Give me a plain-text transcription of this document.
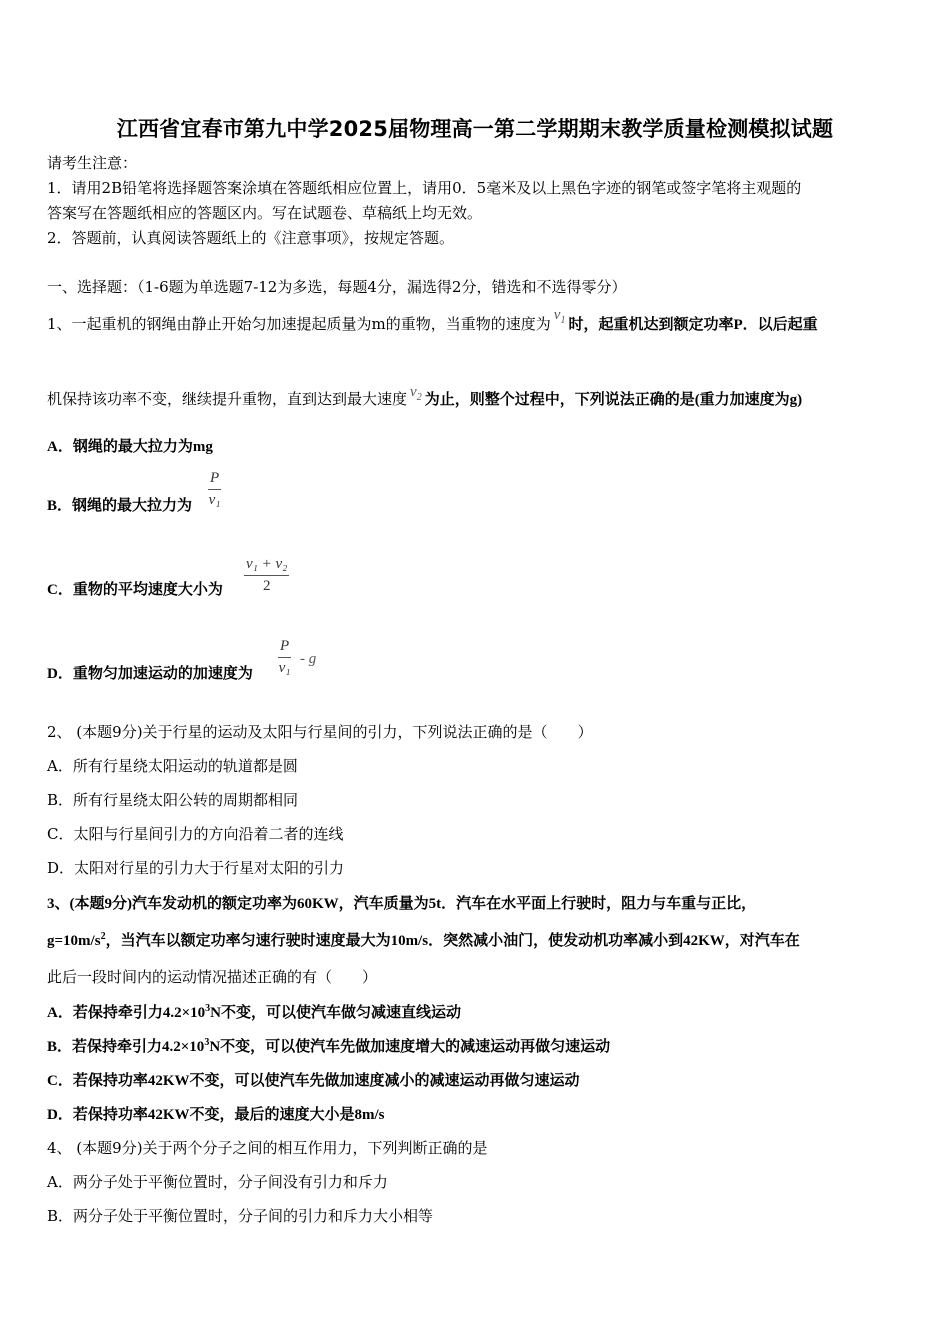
江西省宜春市第九中学2025届物理高一第二学期期末教学质量检测模拟试题
请考生注意：
1．请用2B铅笔将选择题答案涂填在答题纸相应位置上，请用0．5毫米及以上黑色字迹的钢笔或签字笔将主观题的
答案写在答题纸相应的答题区内。写在试题卷、草稿纸上均无效。
2．答题前，认真阅读答题纸上的《注意事项》，按规定答题。
一、选择题：（1-6题为单选题7-12为多选，每题4分，漏选得2分，错选和不选得零分）
1、一起重机的钢绳由静止开始匀加速提起质量为m的重物，当重物的速度为 $v_1$ 时，起重机达到额定功率P．以后起重
机保持该功率不变，继续提升重物，直到达到最大速度 $v_2$ 为止，则整个过程中，下列说法正确的是(重力加速度为g)
A．钢绳的最大拉力为mg
B．钢绳的最大拉力为
P
v₁
C．重物的平均速度大小为
v₁ + v₂
2
D．重物匀加速运动的加速度为
P
v₁
- g
2、 (本题9分)关于行星的运动及太阳与行星间的引力，下列说法正确的是（　　）
A．所有行星绕太阳运动的轨道都是圆
B．所有行星绕太阳公转的周期都相同
C．太阳与行星间引力的方向沿着二者的连线
D．太阳对行星的引力大于行星对太阳的引力
3、(本题9分)汽车发动机的额定功率为60KW，汽车质量为5t．汽车在水平面上行驶时，阻力与车重与正比，
$g=10m/s^2$，当汽车以额定功率匀速行驶时速度最大为10m/s．突然减小油门，使发动机功率减小到42KW，对汽车在
此后一段时间内的运动情况描述正确的有（　　）
A．若保持牵引力$4.2\times 10^3N$不变，可以使汽车做匀减速直线运动
B．若保持牵引力$4.2\times 10^3N$不变，可以使汽车先做加速度增大的减速运动再做匀速运动
C．若保持功率42KW不变，可以使汽车先做加速度减小的减速运动再做匀速运动
D．若保持功率42KW不变，最后的速度大小是8m/s
4、 (本题9分)关于两个分子之间的相互作用力，下列判断正确的是
A．两分子处于平衡位置时，分子间没有引力和斥力
B．两分子处于平衡位置时，分子间的引力和斥力大小相等
